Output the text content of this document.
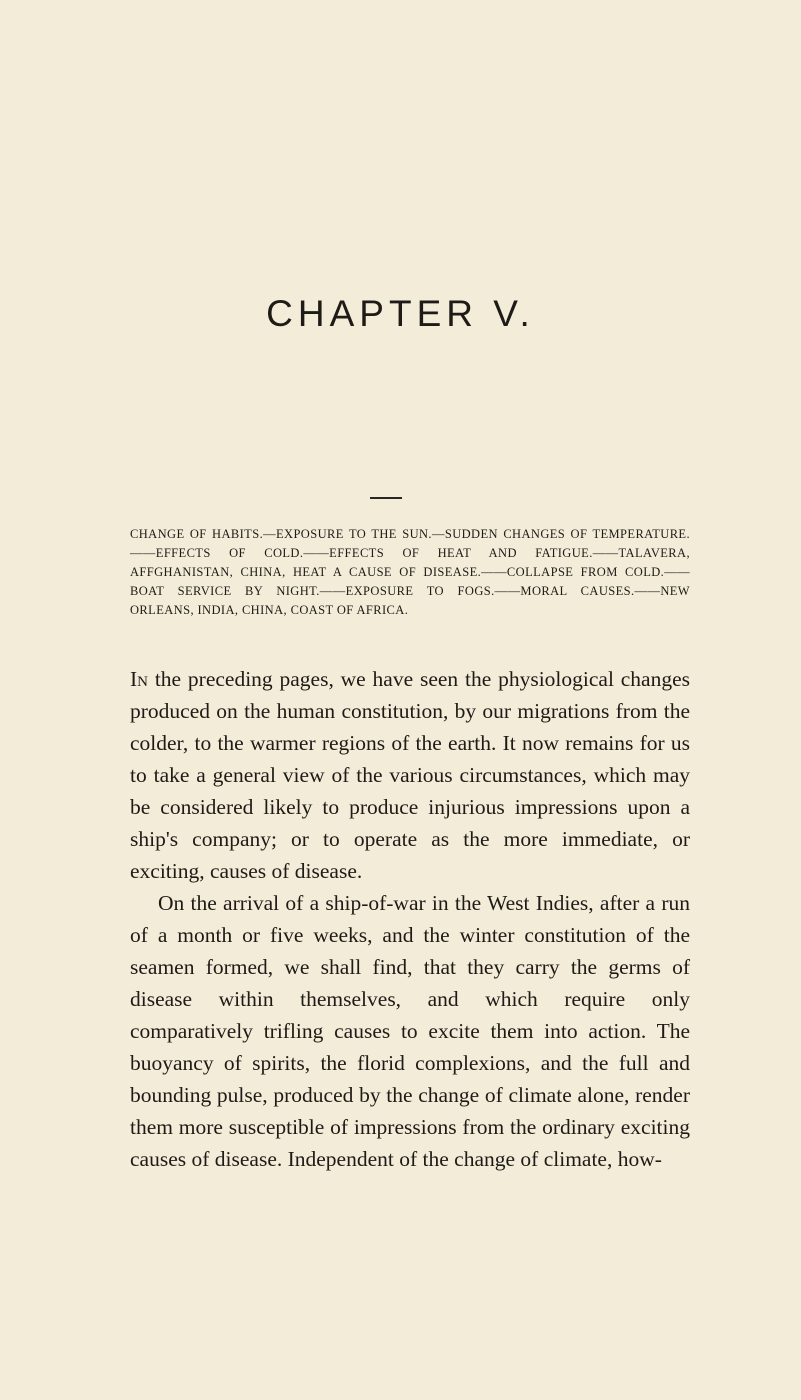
CHAPTER V.

CHANGE OF HABITS.—EXPOSURE TO THE SUN.—SUDDEN CHANGES OF TEMPERATURE.——EFFECTS OF COLD.——EFFECTS OF HEAT AND FATIGUE.——TALAVERA, AFFGHANISTAN, CHINA, HEAT A CAUSE OF DISEASE.——COLLAPSE FROM COLD.——BOAT SERVICE BY NIGHT.——EXPOSURE TO FOGS.——MORAL CAUSES.——NEW ORLEANS, INDIA, CHINA, COAST OF AFRICA.

In the preceding pages, we have seen the physiological changes produced on the human constitution, by our migrations from the colder, to the warmer regions of the earth. It now remains for us to take a general view of the various circumstances, which may be considered likely to produce injurious impressions upon a ship's company; or to operate as the more immediate, or exciting, causes of disease.

On the arrival of a ship-of-war in the West Indies, after a run of a month or five weeks, and the winter constitution of the seamen formed, we shall find, that they carry the germs of disease within themselves, and which require only comparatively trifling causes to excite them into action. The buoyancy of spirits, the florid complexions, and the full and bounding pulse, produced by the change of climate alone, render them more susceptible of impressions from the ordinary exciting causes of disease. Independent of the change of climate, how-
